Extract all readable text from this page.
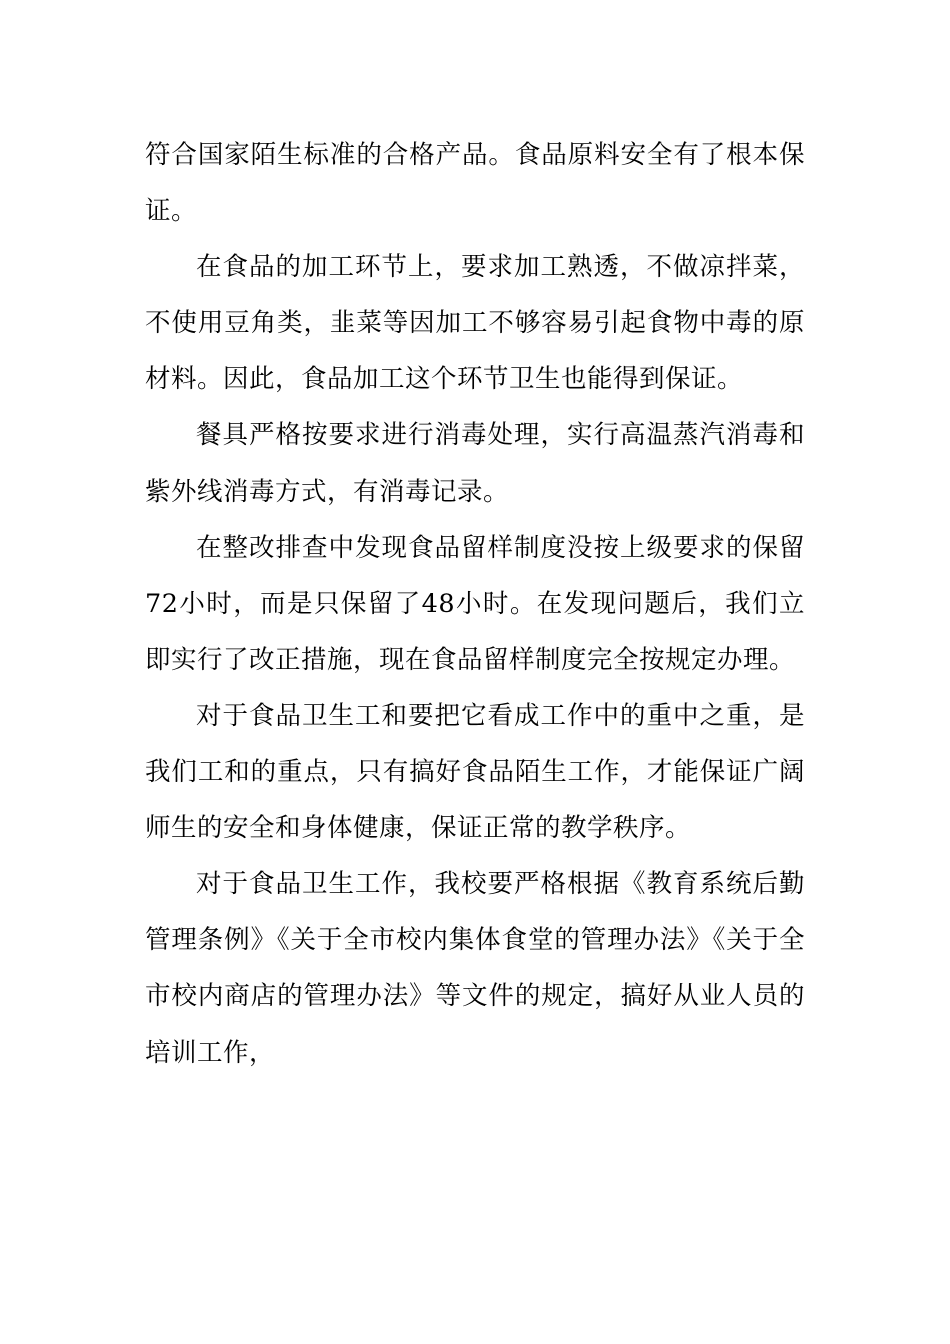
符合国家陌生标准的合格产品。食品原料安全有了根本保证。

在食品的加工环节上，要求加工熟透，不做凉拌菜，不使用豆角类，韭菜等因加工不够容易引起食物中毒的原材料。因此，食品加工这个环节卫生也能得到保证。

餐具严格按要求进行消毒处理，实行高温蒸汽消毒和紫外线消毒方式，有消毒记录。

在整改排查中发现食品留样制度没按上级要求的保留72小时，而是只保留了48小时。在发现问题后，我们立即实行了改正措施，现在食品留样制度完全按规定办理。

对于食品卫生工和要把它看成工作中的重中之重，是我们工和的重点，只有搞好食品陌生工作，才能保证广阔师生的安全和身体健康，保证正常的教学秩序。

对于食品卫生工作，我校要严格根据《教育系统后勤管理条例》《关于全市校内集体食堂的管理办法》《关于全市校内商店的管理办法》等文件的规定，搞好从业人员的培训工作，
